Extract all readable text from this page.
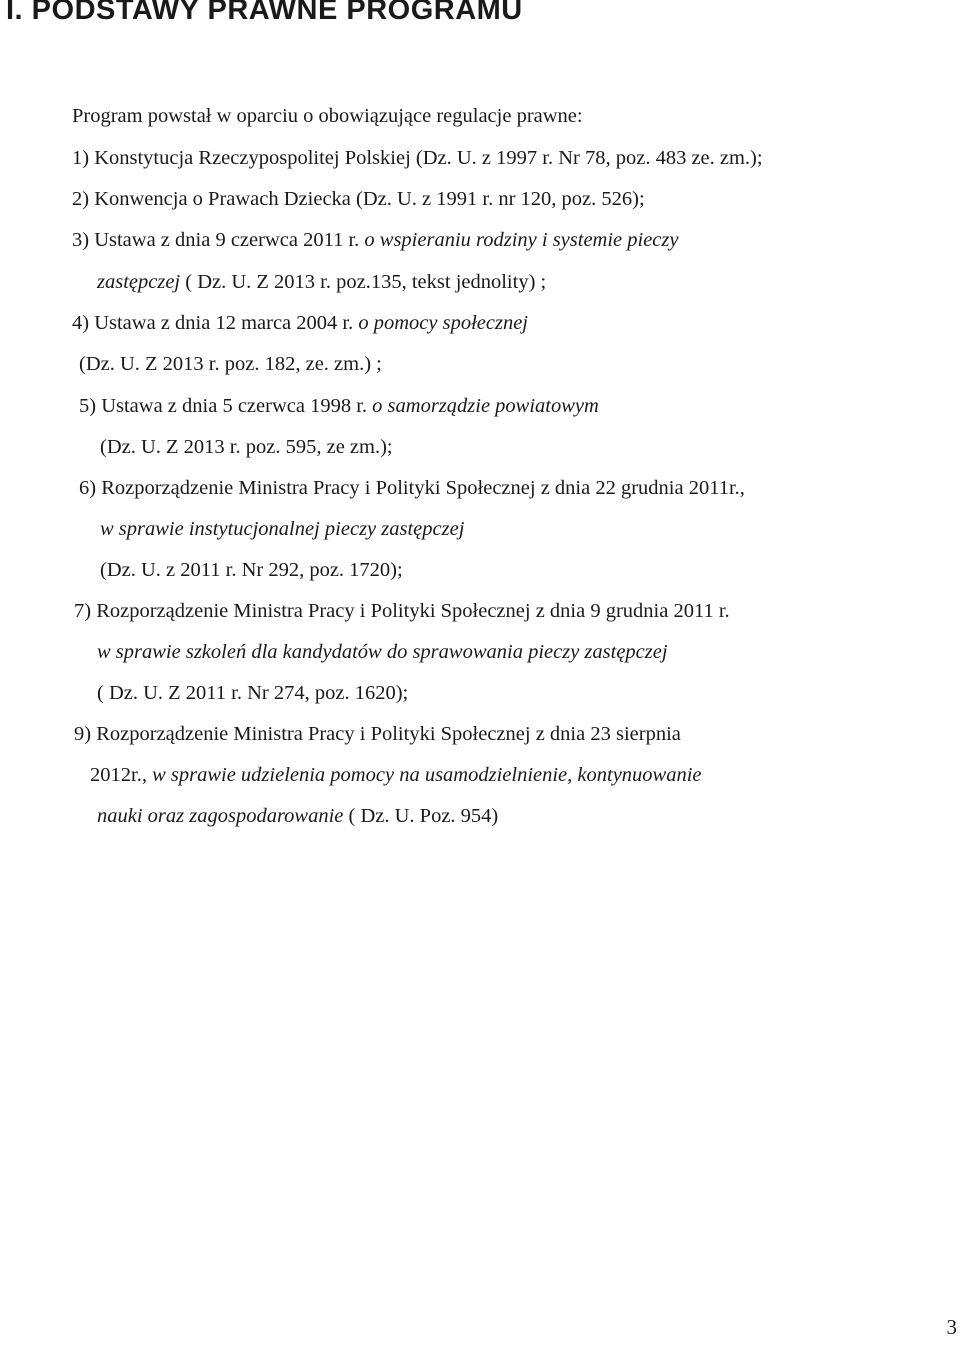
I. PODSTAWY PRAWNE PROGRAMU
Program powstał w oparciu o obowiązujące regulacje prawne:
1) Konstytucja Rzeczypospolitej Polskiej (Dz. U. z 1997 r. Nr 78, poz. 483 ze. zm.);
2) Konwencja o Prawach Dziecka (Dz. U. z 1991 r. nr 120, poz. 526);
3) Ustawa z dnia 9 czerwca 2011 r. o wspieraniu rodziny i systemie pieczy
zastępczej ( Dz. U. Z 2013 r. poz.135, tekst jednolity) ;
4) Ustawa z dnia 12 marca 2004 r. o pomocy społecznej
(Dz. U. Z 2013 r. poz. 182, ze. zm.) ;
5) Ustawa z dnia 5 czerwca 1998 r. o samorządzie powiatowym
(Dz. U. Z 2013 r. poz. 595, ze zm.);
6) Rozporządzenie Ministra Pracy i Polityki Społecznej z dnia 22 grudnia 2011r.,
w sprawie instytucjonalnej pieczy zastępczej
(Dz. U. z 2011 r. Nr 292, poz. 1720);
7) Rozporządzenie Ministra Pracy i Polityki Społecznej z dnia 9 grudnia 2011 r.
w sprawie szkoleń dla kandydatów do sprawowania pieczy zastępczej
( Dz. U. Z 2011 r. Nr 274, poz. 1620);
9) Rozporządzenie Ministra Pracy i Polityki Społecznej z dnia 23 sierpnia
2012r., w sprawie udzielenia pomocy na usamodzielnienie, kontynuowanie
nauki oraz zagospodarowanie ( Dz. U. Poz. 954)
3
